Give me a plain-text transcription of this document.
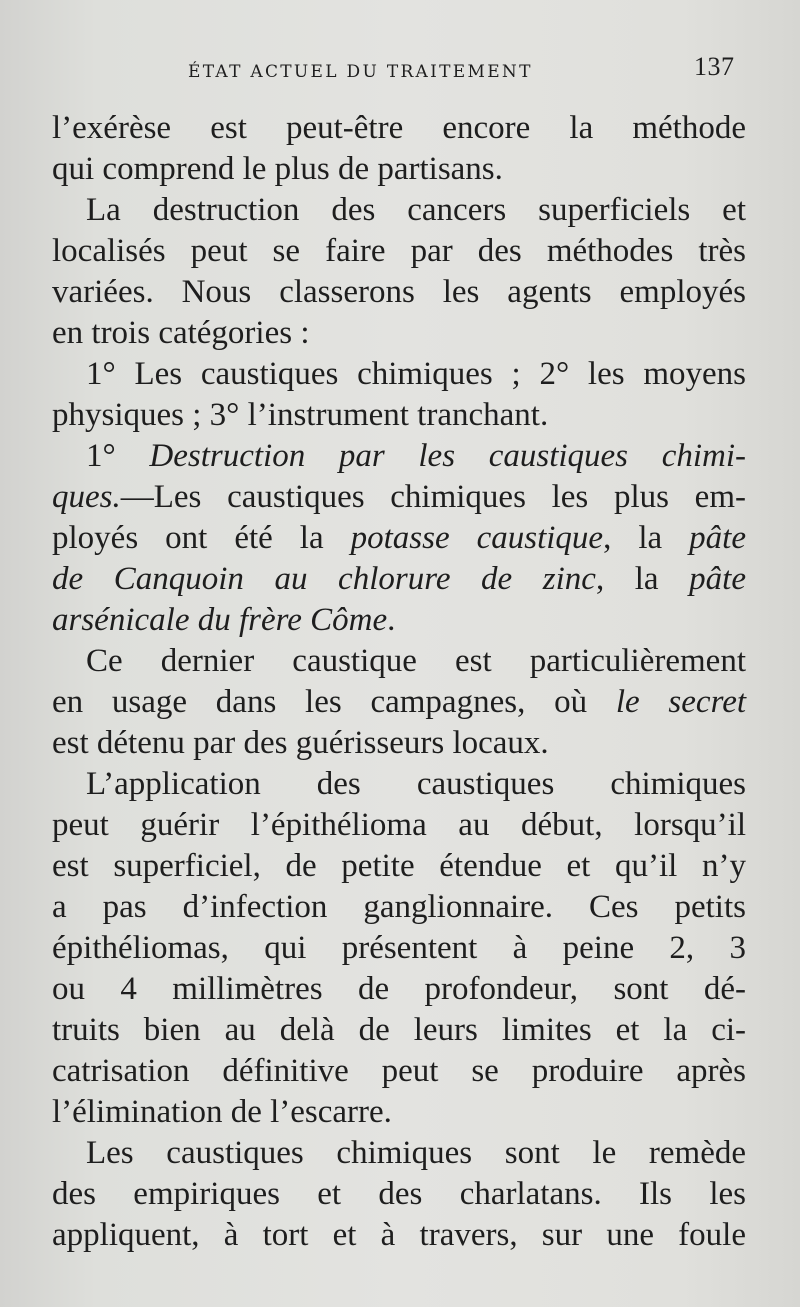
ÉTAT ACTUEL DU TRAITEMENT	137
l’exérèse est peut-être encore la méthode
qui comprend le plus de partisans.
La destruction des cancers superficiels et
localisés peut se faire par des méthodes très
variées. Nous classerons les agents employés
en trois catégories :
1° Les caustiques chimiques ; 2° les moyens
physiques ; 3° l’instrument tranchant.
1° Destruction par les caustiques chimi-
ques.—Les caustiques chimiques les plus em-
ployés ont été la potasse caustique, la pâte
de Canquoin au chlorure de zinc, la pâte
arsénicale du frère Côme.
Ce dernier caustique est particulièrement
en usage dans les campagnes, où le secret
est détenu par des guérisseurs locaux.
L’application des caustiques chimiques
peut guérir l’épithélioma au début, lorsqu’il
est superficiel, de petite étendue et qu’il n’y
a pas d’infection ganglionnaire. Ces petits
épithéliomas, qui présentent à peine 2, 3
ou 4 millimètres de profondeur, sont dé-
truits bien au delà de leurs limites et la ci-
catrisation définitive peut se produire après
l’élimination de l’escarre.
Les caustiques chimiques sont le remède
des empiriques et des charlatans. Ils les
appliquent, à tort et à travers, sur une foule
